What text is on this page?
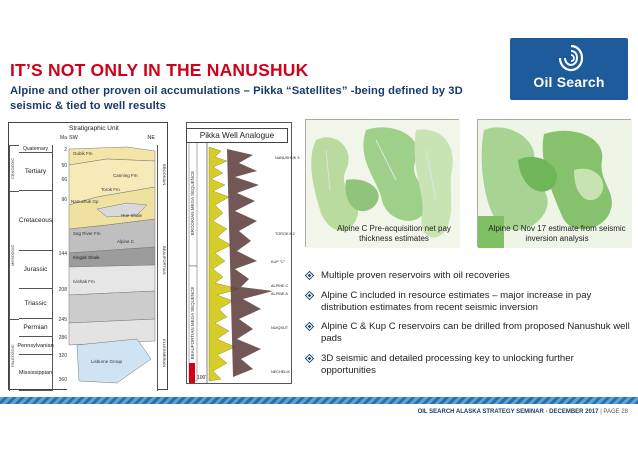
IT’S NOT ONLY IN THE NANUSHUK
Alpine and other proven oil accumulations – Pikka “Satellites” -being defined by 3D seismic & tied to well results
Oil Search
Stratigraphic Unit
SW	NE
Ma
CENOZOIC
MESOZOIC
PALEOZOIC
Quaternary
Tertiary
Cretaceous
Jurassic
Triassic
Permian
Pennsylvanian
Mississippian
2
50
66
96
144
208
245
286
320
360
Gubik Fm
Canning Fm
Torok Fm
Nanushuk Gp
Hue Shale
Kingak Shale
Ivishak Fm
Sag River Fm
Alpine C
Lisburne Group
BROOKIAN
BEAUFORTIAN
ELLESMERIAN
BROOKIAN MEGA SEQUENCE
BEAUFORTIAN MEGA SEQUENCE
100'
NANUSHUK 3
TOROK 8.2
KUP “C”
ALPINE C
ALPINE A
NUIQSUT
NECHELIK
Pikka Well Analogue
Alpine C Pre-acquisition net pay thickness estimates
Alpine C Nov 17 estimate from seismic inversion analysis
Multiple proven reservoirs with oil recoveries
Alpine C included in resource estimates – major increase in pay distribution estimates from recent seismic inversion
Alpine C & Kup C reservoirs can be drilled from proposed Nanushuk well pads
3D seismic and detailed processing key to unlocking further opportunities
OIL SEARCH ALASKA STRATEGY SEMINAR - DECEMBER 2017 | PAGE 28
